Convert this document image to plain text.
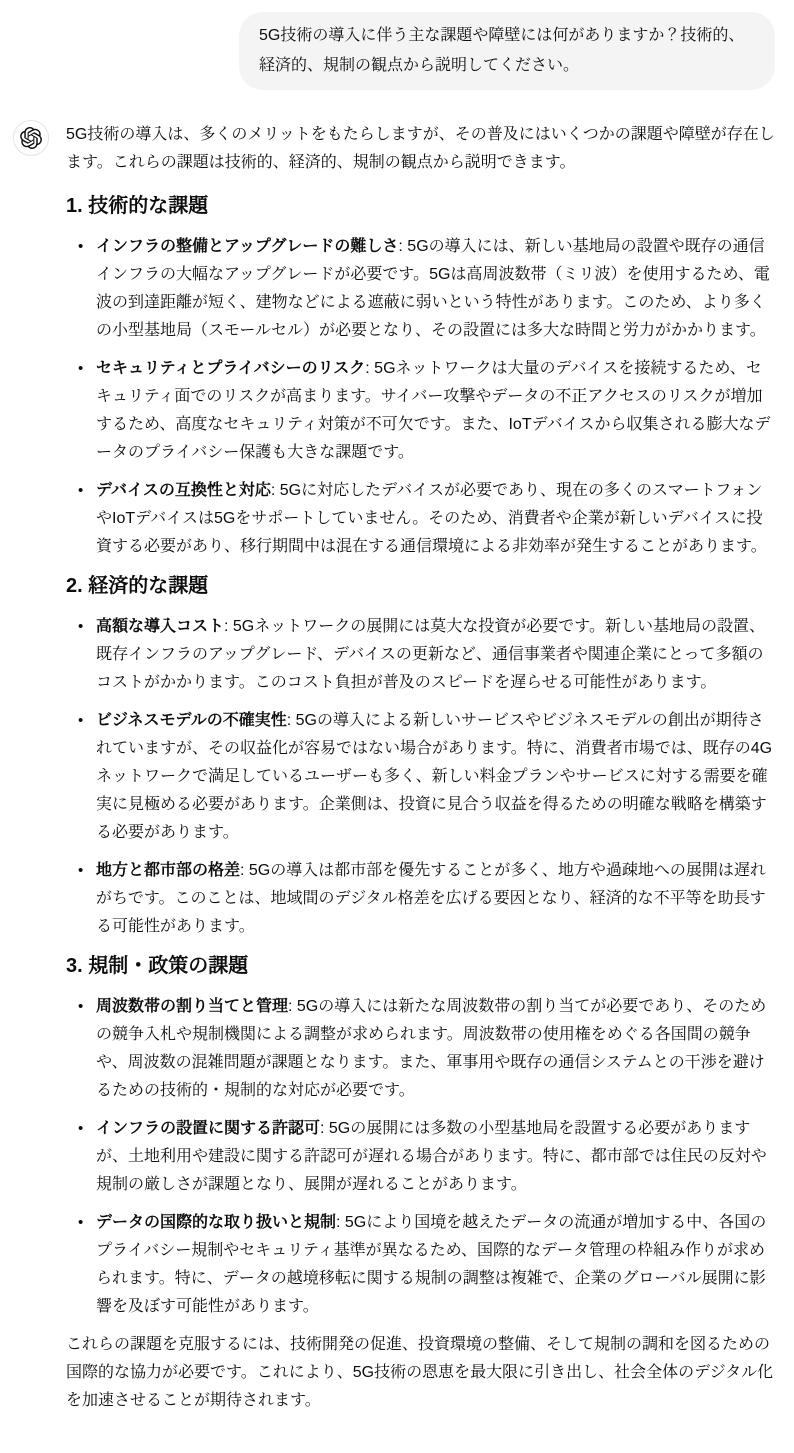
5G技術の導入に伴う主な課題や障壁には何がありますか？技術的、経済的、規制の観点から説明してください。

5G技術の導入は、多くのメリットをもたらしますが、その普及にはいくつかの課題や障壁が存在します。これらの課題は技術的、経済的、規制の観点から説明できます。

1. 技術的な課題
• インフラの整備とアップグレードの難しさ: 5Gの導入には、新しい基地局の設置や既存の通信インフラの大幅なアップグレードが必要です。5Gは高周波数帯（ミリ波）を使用するため、電波の到達距離が短く、建物などによる遮蔽に弱いという特性があります。このため、より多くの小型基地局（スモールセル）が必要となり、その設置には多大な時間と労力がかかります。
• セキュリティとプライバシーのリスク: 5Gネットワークは大量のデバイスを接続するため、セキュリティ面でのリスクが高まります。サイバー攻撃やデータの不正アクセスのリスクが増加するため、高度なセキュリティ対策が不可欠です。また、IoTデバイスから収集される膨大なデータのプライバシー保護も大きな課題です。
• デバイスの互換性と対応: 5Gに対応したデバイスが必要であり、現在の多くのスマートフォンやIoTデバイスは5Gをサポートしていません。そのため、消費者や企業が新しいデバイスに投資する必要があり、移行期間中は混在する通信環境による非効率が発生することがあります。
2. 経済的な課題
• 高額な導入コスト: 5Gネットワークの展開には莫大な投資が必要です。新しい基地局の設置、既存インフラのアップグレード、デバイスの更新など、通信事業者や関連企業にとって多額のコストがかかります。このコスト負担が普及のスピードを遅らせる可能性があります。
• ビジネスモデルの不確実性: 5Gの導入による新しいサービスやビジネスモデルの創出が期待されていますが、その収益化が容易ではない場合があります。特に、消費者市場では、既存の4Gネットワークで満足しているユーザーも多く、新しい料金プランやサービスに対する需要を確実に見極める必要があります。企業側は、投資に見合う収益を得るための明確な戦略を構築する必要があります。
• 地方と都市部の格差: 5Gの導入は都市部を優先することが多く、地方や過疎地への展開は遅れがちです。このことは、地域間のデジタル格差を広げる要因となり、経済的な不平等を助長する可能性があります。
3. 規制・政策の課題
• 周波数帯の割り当てと管理: 5Gの導入には新たな周波数帯の割り当てが必要であり、そのための競争入札や規制機関による調整が求められます。周波数帯の使用権をめぐる各国間の競争や、周波数の混雑問題が課題となります。また、軍事用や既存の通信システムとの干渉を避けるための技術的・規制的な対応が必要です。
• インフラの設置に関する許認可: 5Gの展開には多数の小型基地局を設置する必要がありますが、土地利用や建設に関する許認可が遅れる場合があります。特に、都市部では住民の反対や規制の厳しさが課題となり、展開が遅れることがあります。
• データの国際的な取り扱いと規制: 5Gにより国境を越えたデータの流通が増加する中、各国のプライバシー規制やセキュリティ基準が異なるため、国際的なデータ管理の枠組み作りが求められます。特に、データの越境移転に関する規制の調整は複雑で、企業のグローバル展開に影響を及ぼす可能性があります。

これらの課題を克服するには、技術開発の促進、投資環境の整備、そして規制の調和を図るための国際的な協力が必要です。これにより、5G技術の恩恵を最大限に引き出し、社会全体のデジタル化を加速させることが期待されます。
